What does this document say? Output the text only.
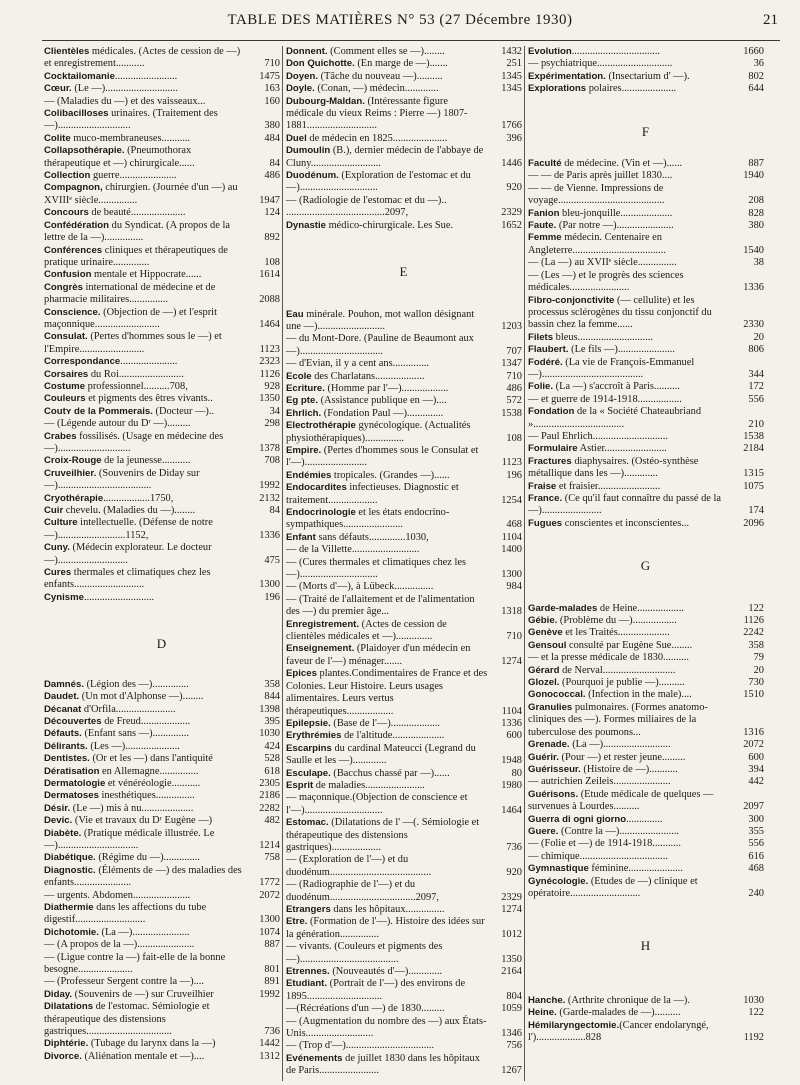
TABLE DES MATIÈRES N° 53 (27 Décembre 1930)	21
Clientèles médicales. (Actes de cession de —) et enregistrement...........	710
Cocktailomanie........................	1475
Cœur. (Le —)............................	163
— (Maladies du —) et des vaisseaux...	160
Colibacilloses urinaires. (Traitement des —)............................	380
Colite muco-membraneuses...........	484
Collapsothérapie. (Pneumothorax thérapeutique et —) chirurgicale......	84
Collection guerre......................	486
Compagnon, chirurgien. (Journée d'un —) au XVIIIᵉ siècle...............	1947
Concours de beauté.....................	124
Confédération du Syndicat. (A propos de la lettre de la —)...............	892
Conférences cliniques et thérapeutiques de pratique urinaire..............	108
Confusion mentale et Hippocrate......	1614
Congrès international de médecine et de pharmacie militaires...............	2088
Conscience. (Objection de —) et l'esprit maçonnique.........................	1464
Consulat. (Pertes d'hommes sous le —) et l'Empire.........................	1123
Correspondance......................	2323
Corsaires du Roi.........................	1126
Costume professionnel..........708,	928
Couleurs et pigments des êtres vivants..	1350
Coutʏ de la Pommerais. (Docteur —)..	34
— (Légende autour du Dʳ —).........	298
Crabes fossilisés. (Usage en médecine des —)............................	1378
Croix-Rouge de la jeunesse...........	708
Cruveilhier. (Souvenirs de Diday sur —)....................................	1992
Cryothérapie..................1750,	2132
Cuir chevelu. (Maladies du —)........	84
Culture intellectuelle. (Défense de notre —)..........................1152,	1336
Cuny. (Médecin explorateur. Le docteur —)...........................	475
Cures thermales et climatiques chez les enfants...........................	1300
Cynisme...........................	196
D
Damnés. (Légion des —)..............	358
Daudet. (Un mot d'Alphonse —)........	844
Décanat d'Orfila.......................	1398
Découvertes de Freud...................	395
Défauts. (Enfant sans —)..............	1030
Délirants. (Les —).....................	424
Dentistes. (Or et les —) dans l'antiquité	528
Dératisation en Allemagne...............	618
Dermatologie et vénéréologie...........	2305
Dermatoses inesthétiques...............	2186
Désir. (Le —) mis à nu....................	2282
Devic. (Vie et travaux du Dʳ Eugène —)	482
Diabète. (Pratique médicale illustrée. Le —)...............................	1214
Diabétique. (Régime du —)..............	758
Diagnostic. (Éléments de —) des maladies des enfants......................	1772
— urgents. Abdomen......................	2072
Diathermie dans les affections du tube digestif...........................	1300
Dichotomie. (La —)......................	1074
— (A propos de la —)......................	887
— (Ligue contre la —) fait-elle de la bonne besogne.....................	801
— (Professeur Sergent contre la —)....	891
Diday. (Souvenirs de —) sur Cruveilhier	1992
Dilatations de l'estomac. Sémiologie et thérapeutique des distensions gastriques.................................	736
Diphtérie. (Tubage du larynx dans la —)	1442
Divorce. (Aliénation mentale et —)....	1312
Donnent. (Comment elles se —)........	1432
Don Quichotte. (En marge de —).......	251
Doyen. (Tâche du nouveau —)..........	1345
Doyle. (Conan, —) médecin.............	1345
Dubourg-Maldan. (Intéressante figure médicale du vieux Reims : Pierre —) 1807-1881...........................	1766
Duel de médecin en 1825.....................	396
Dumoulin (B.), dernier médecin de l'abbaye de Cluny...........................	1446
Duodénum. (Exploration de l'estomac et du —)..............................	920
— (Radiologie de l'estomac et du —)..
......................................2097,	2329
Dynastie médico-chirurgicale. Les Sue.	1652
E
Eau minérale. Pouhon, mot wallon désignant une —)..........................	1203
— du Mont-Dore. (Pauline de Beaumont aux —)................................	707
— d'Evian, il y a cent ans..............	1347
Ecole des Charlatans...................	710
Ecriture. (Homme par l'—)..................	486
Eg pte. (Assistance publique en —)....	572
Ehrlich. (Fondation Paul —)..............	1538
Electrothérapie gynécologique. (Actualités physiothérapiques)...............	108
Empire. (Pertes d'hommes sous le Consulat et l'—)........................	1123
Endémies tropicales. (Grandes —)......	196
Endocardites infectieuses. Diagnostic et traitement...................	1254
Endocrinologie et les états endocrino-sympathiques.......................	468
Enfant sans défauts..............1030,	1104
— de la Villette..........................	1400
— (Cures thermales et climatiques chez les —)..............................	1300
— (Morts d'—), à Lübeck...............	984
— (Traité de l'allaitement et de l'alimentation des —) du premier âge...	1318
Enregistrement. (Actes de cession de clientèles médicales et —)..............	710
Enseignement. (Plaidoyer d'un médecin en faveur de l'—) ménager.......	1274
Epices plantes.Condimentaires de France et des Colonies. Leur Histoire. Leurs usages alimentaires. Leurs vertus thérapeutiques..................	1104
Epilepsie. (Base de l'—)...................	1336
Erythrémies de l'altitude....................	600
Escarpins du cardinal Mateucci (Legrand du Saulle et les —).............	1948
Esculape. (Bacchus chassé par —)......	80
Esprit de maladies.......................	1980
— maçonnique.(Objection de conscience et l'—)..............................	1464
Estomac. (Dilatations de l' —(. Sémiologie et thérapeutique des distensions gastriques)...................	736
— (Exploration de l'—) et du duodénum.......................................	920
— (Radiographie de l'—) et du duodénum.................................2097,	2329
Etrangers dans les hôpitaux...............	1274
Etre. (Formation de l'—). Histoire des idées sur la génération...............	1012
— vivants. (Couleurs et pigments des —)......................................	1350
Etrennes. (Nouveautés d'—).............	2164
Etudiant. (Portrait de l'—) des environs de 1895.............................	804
—(Récréations d'un —) de 1830.........	1059
— (Augmentation du nombre des —) aux États-Unis..........................	1346
— (Trop d'—)..................................	756
Evénements de juillet 1830 dans les hôpitaux de Paris.......................	1267
Evolution..................................	1660
— psychiatrique.............................	36
Expérimentation. (Insectarium d' —).	802
Explorations polaires.....................	644
F
Faculté de médecine. (Vin et —)......	887
— — de Paris après juillet 1830....	1940
— — de Vienne. Impressions de voyage.........................................	208
Fanion bleu-jonquille....................	828
Faute. (Par notre —)......................	380
Femme médecin. Centenaire en Angleterre....................................	1540
— (La —) au XVIIᵉ siècle...............	38
— (Les —) et le progrès des sciences médicales.......................	1336
Fibro-conjonctivite (— cellulite) et les processus sclérogènes du tissu conjonctif du bassin chez la femme......	2330
Filets bleus.............................	20
Flaubert. (Le fils —)......................	806
Fodéré. (La vie de François-Emmanuel —).......................................	344
Folie. (La —) s'accroît à Paris..........	172
— et guerre de 1914-1918.................	556
Fondation de la « Société Chateaubriand »...................................	210
— Paul Ehrlich.............................	1538
Formulaire Astier........................	2184
Fractures diaphysaires. (Ostéo-synthèse métallique dans les —).............	1315
Fraise et fraisier........................	1075
France. (Ce qu'il faut connaître du passé de la —).......................	174
Fugues conscientes et inconscientes...	2096
G
Garde-malades de Heine..................	122
Gébie. (Problème du —).................	1126
Genève et les Traités....................	2242
Gensoul consulté par Eugène Sue........	358
— et la presse médicale de 1830..........	79
Gérard de Nerval............................	20
Glozel. (Pourquoi je publie —)..........	730
Gonococcal. (Infection in the male)....	1510
Granulies pulmonaires. (Formes anatomo-cliniques des —). Formes miliaires de la tuberculose des poumons...	1316
Grenade. (La —)..........................	2072
Guérir. (Pour —) et rester jeune.........	600
Guérisseur. (Histoire de —)...........	394
— autrichien Zeileis......................	442
Guérisons. (Etude médicale de quelques — survenues à Lourdes..........	2097
Guerra di ogni giorno..............	300
Guere. (Contre la —).......................	355
— (Folie et —) de 1914-1918...........	556
— chimique..................................	616
Gymnastique féminine.....................	468
Gynécologie. (Etudes de —) clinique et opératoire...........................	240
H
Hanche. (Arthrite chronique de la —).	1030
Heine. (Garde-malades de —)..........	122
Hémilaryngectomie.(Cancer endolaryngé, l')...................828	1192
